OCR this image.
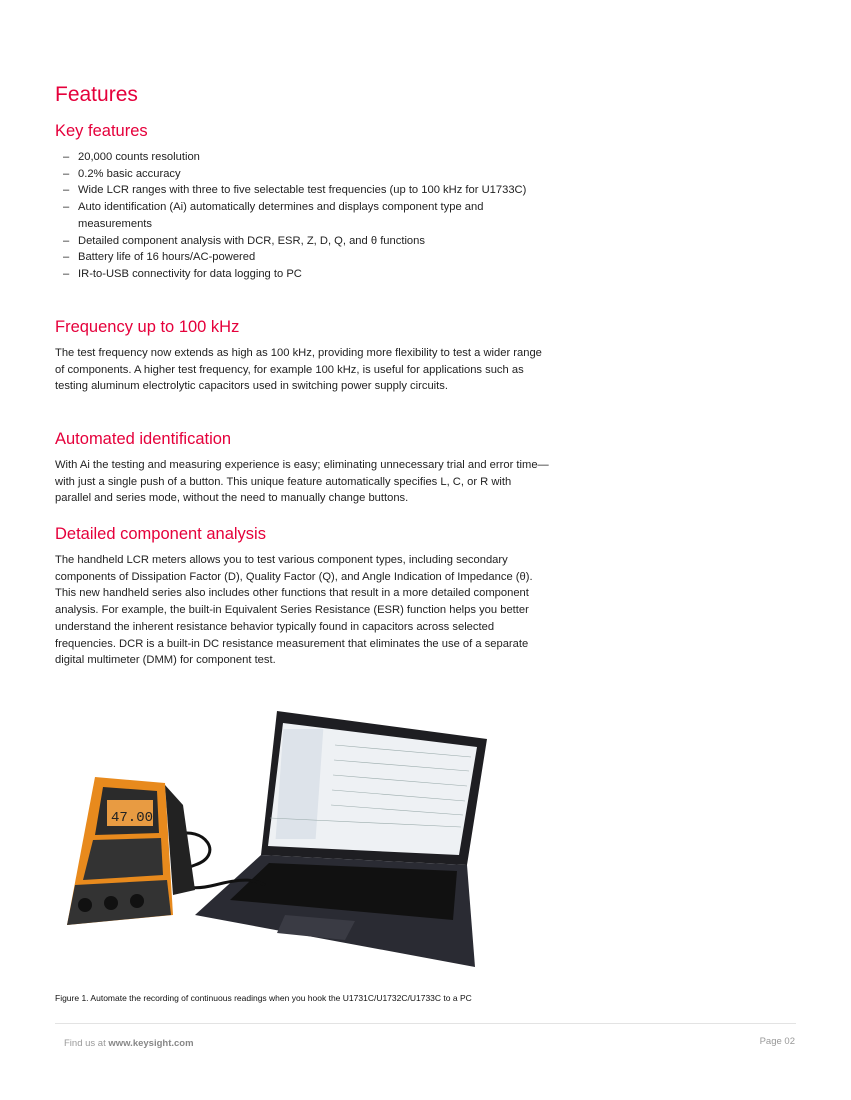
Features
Key features
– 20,000 counts resolution
– 0.2% basic accuracy
– Wide LCR ranges with three to five selectable test frequencies (up to 100 kHz for U1733C)
– Auto identification (Ai) automatically determines and displays component type and measurements
– Detailed component analysis with DCR, ESR, Z, D, Q, and θ functions
– Battery life of 16 hours/AC-powered
– IR-to-USB connectivity for data logging to PC
Frequency up to 100 kHz

The test frequency now extends as high as 100 kHz, providing more flexibility to test a wider range of components. A higher test frequency, for example 100 kHz, is useful for applications such as testing aluminum electrolytic capacitors used in switching power supply circuits.

Automated identification

With Ai the testing and measuring experience is easy; eliminating unnecessary trial and error time—with just a single push of a button. This unique feature automatically specifies L, C, or R with parallel and series mode, without the need to manually change buttons.

Detailed component analysis

The handheld LCR meters allows you to test various component types, including secondary components of Dissipation Factor (D), Quality Factor (Q), and Angle Indication of Impedance (θ). This new handheld series also includes other functions that result in a more detailed component analysis. For example, the built-in Equivalent Series Resistance (ESR) function helps you better understand the inherent resistance behavior typically found in capacitors across selected frequencies. DCR is a built-in DC resistance measurement that eliminates the use of a separate digital multimeter (DMM) for component test.

47.00
Figure 1. Automate the recording of continuous readings when you hook the U1731C/U1732C/U1733C to a PC
Find us at www.keysight.com	Page 02
